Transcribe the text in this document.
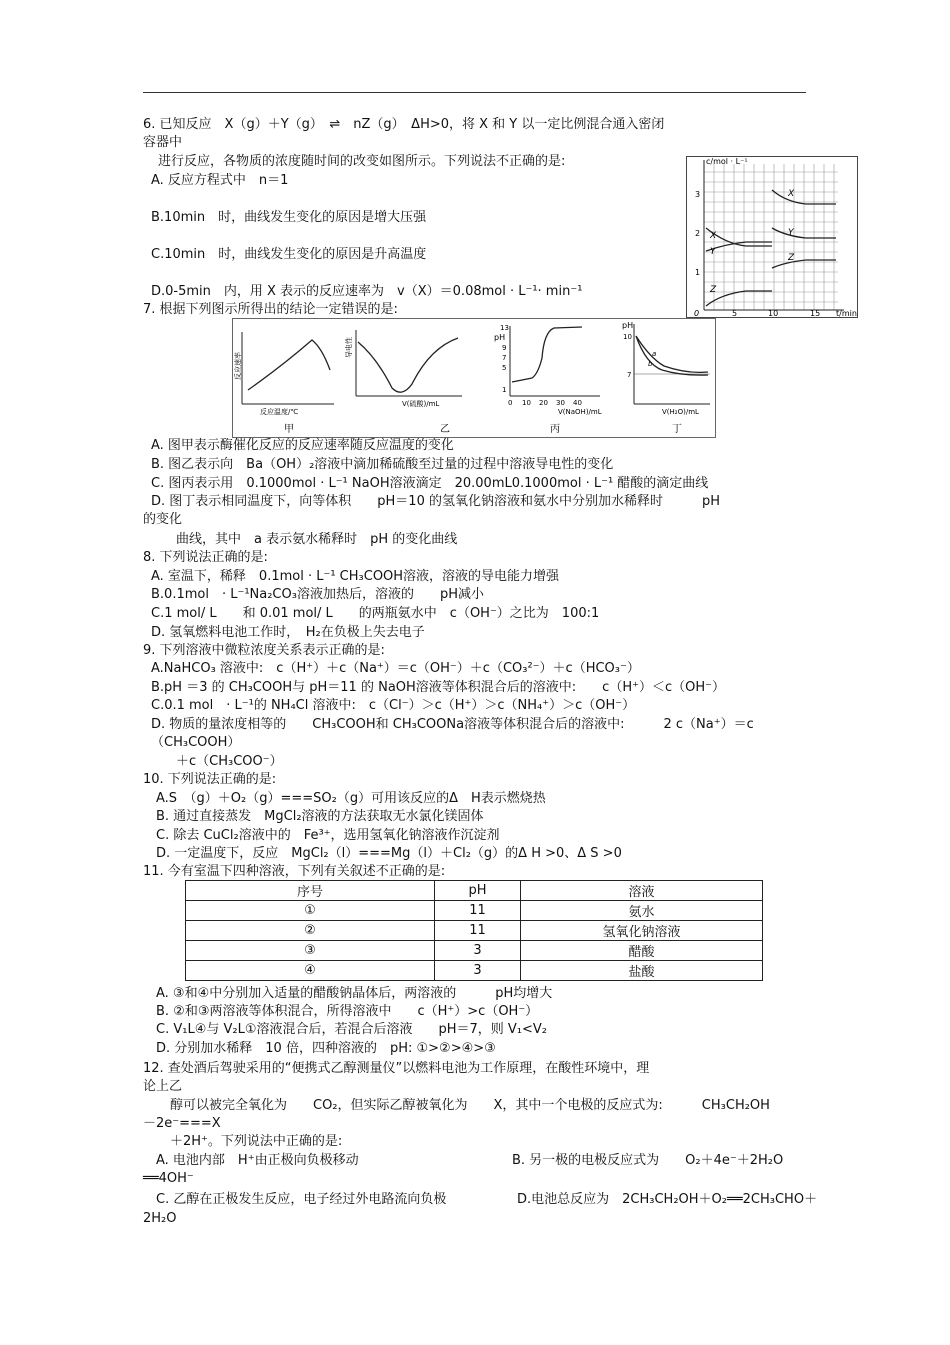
6. 已知反应　X（g）＋Y（g）　⇌　nZ（g）　ΔH>0，将 X 和 Y 以一定比例混合通入密闭
容器中
进行反应，各物质的浓度随时间的改变如图所示。下列说法不正确的是:
A. 反应方程式中　n＝1
B.10min　时，曲线发生变化的原因是增大压强
C.10min　时，曲线发生变化的原因是升高温度
D.0-5min　内，用 X 表示的反应速率为　v（X）＝0.08mol · L⁻¹· min⁻¹
7. 根据下列图示所得出的结论一定错误的是:
A. 图甲表示酶催化反应的反应速率随反应温度的变化
B. 图乙表示向　Ba（OH）₂溶液中滴加稀硫酸至过量的过程中溶液导电性的变化
C. 图丙表示用　0.1000mol · L⁻¹ NaOH溶液滴定　20.00mL0.1000mol · L⁻¹ 醋酸的滴定曲线
D. 图丁表示相同温度下，向等体积　　pH＝10 的氢氧化钠溶液和氨水中分别加水稀释时　　　pH
的变化
曲线，其中　a 表示氨水稀释时　pH 的变化曲线
8. 下列说法正确的是:
A. 室温下，稀释　0.1mol · L⁻¹ CH₃COOH溶液，溶液的导电能力增强
B.0.1mol　· L⁻¹Na₂CO₃溶液加热后，溶液的　　pH减小
C.1 mol/ L　　和 0.01 mol/ L　　的两瓶氨水中　c（OH⁻）之比为　100:1
D. 氢氧燃料电池工作时，　H₂在负极上失去电子
9. 下列溶液中微粒浓度关系表示正确的是:
A.NaHCO₃ 溶液中:　c（H⁺）＋c（Na⁺）＝c（OH⁻）＋c（CO₃²⁻）＋c（HCO₃⁻）
B.pH ＝3 的 CH₃COOH与 pH＝11 的 NaOH溶液等体积混合后的溶液中:　　c（H⁺）＜c（OH⁻）
C.0.1 mol　· L⁻¹的 NH₄Cl 溶液中:　c（Cl⁻）＞c（H⁺）＞c（NH₄⁺）＞c（OH⁻）
D. 物质的量浓度相等的　　CH₃COOH和 CH₃COONa溶液等体积混合后的溶液中:　　　2 c（Na⁺）＝c
（CH₃COOH）
＋c（CH₃COO⁻）
10. 下列说法正确的是:
A.S　（g）＋O₂（g）===SO₂（g）可用该反应的Δ　H表示燃烧热
B. 通过直接蒸发　MgCl₂溶液的方法获取无水氯化镁固体
C. 除去 CuCl₂溶液中的　Fe³⁺，选用氢氧化钠溶液作沉淀剂
D. 一定温度下，反应　MgCl₂（l）===Mg（l）＋Cl₂（g）的Δ H >0、Δ S >0
11. 今有室温下四种溶液，下列有关叙述不正确的是:
序号	pH	溶液
①	11	氨水
②	11	氢氧化钠溶液
③	3	醋酸
④	3	盐酸
A. ③和④中分别加入适量的醋酸钠晶体后，两溶液的　　　pH均增大
B. ②和③两溶液等体积混合，所得溶液中　　c（H⁺）>c（OH⁻）
C. V₁L④与 V₂L①溶液混合后，若混合后溶液　　pH＝7，则 V₁<V₂
D. 分别加水稀释　10 倍，四种溶液的　pH: ①>②>④>③
12. 查处酒后驾驶采用的“便携式乙醇测量仪”以燃料电池为工作原理，在酸性环境中，理
论上乙
醇可以被完全氧化为　　CO₂，但实际乙醇被氧化为　　X，其中一个电极的反应式为:　　　CH₃CH₂OH
－2e⁻===X
＋2H⁺。下列说法中正确的是:
A. 电池内部　H⁺由正极向负极移动	B. 另一极的电极反应式为　　O₂＋4e⁻＋2H₂O
══4OH⁻
C. 乙醇在正极发生反应，电子经过外电路流向负极	D.电池总反应为　2CH₃CH₂OH＋O₂══2CH₃CHO＋
2H₂O
c/mol · L⁻¹
t/min
0	5	10	15
1
2
3
X
Y
Z
X
Y
Z
反应速率
反应温度/℃
甲
导电性
V(硫酸)/mL
乙
pH
13
9
7
5
1
0 10 20 30 40
V(NaOH)/mL
丙
pH
10
7
a
b
V(H₂O)/mL
丁
